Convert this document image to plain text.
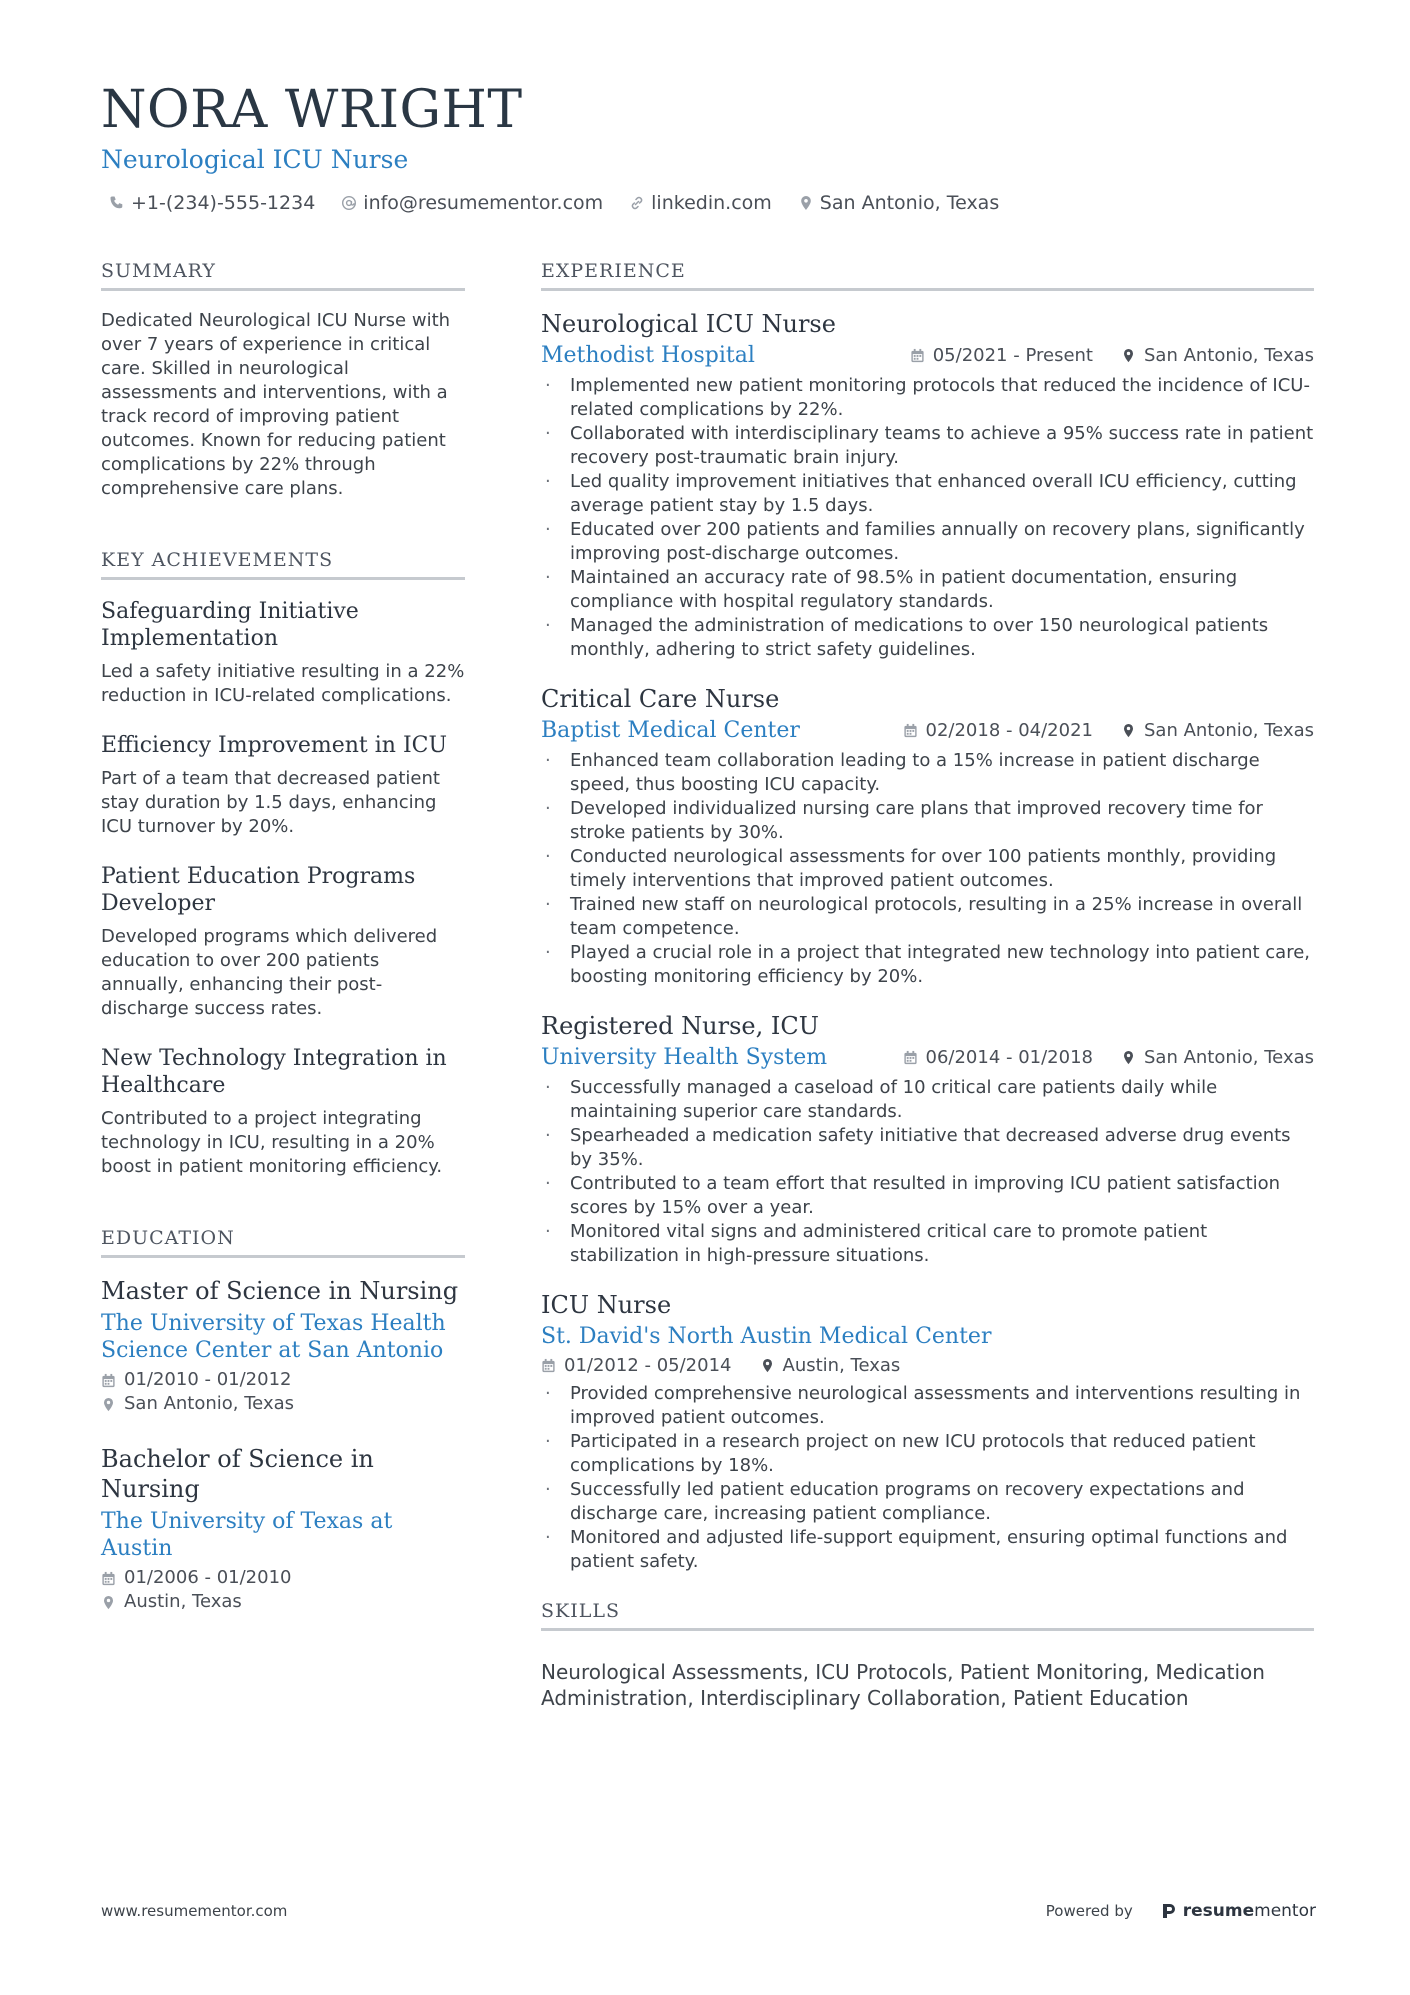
NORA WRIGHT
Neurological ICU Nurse
+1-(234)-555-1234	info@resumementor.com	linkedin.com	San Antonio, Texas
SUMMARY

Dedicated Neurological ICU Nurse with over 7 years of experience in critical care. Skilled in neurological assessments and interventions, with a track record of improving patient outcomes. Known for reducing patient complications by 22% through comprehensive care plans.

KEY ACHIEVEMENTS
Safeguarding Initiative Implementation
Led a safety initiative resulting in a 22% reduction in ICU-related complications.
Efficiency Improvement in ICU
Part of a team that decreased patient stay duration by 1.5 days, enhancing ICU turnover by 20%.
Patient Education Programs Developer
Developed programs which delivered education to over 200 patients annually, enhancing their post-discharge success rates.
New Technology Integration in Healthcare
Contributed to a project integrating technology in ICU, resulting in a 20% boost in patient monitoring efficiency.
EDUCATION
Master of Science in Nursing
The University of Texas Health Science Center at San Antonio
01/2010 - 01/2012
San Antonio, Texas
Bachelor of Science in Nursing
The University of Texas at Austin
01/2006 - 01/2010
Austin, Texas
EXPERIENCE
Neurological ICU Nurse
Methodist Hospital	05/2021 - Present	San Antonio, Texas
· Implemented new patient monitoring protocols that reduced the incidence of ICU-related complications by 22%.
· Collaborated with interdisciplinary teams to achieve a 95% success rate in patient recovery post-traumatic brain injury.
· Led quality improvement initiatives that enhanced overall ICU efficiency, cutting average patient stay by 1.5 days.
· Educated over 200 patients and families annually on recovery plans, significantly improving post-discharge outcomes.
· Maintained an accuracy rate of 98.5% in patient documentation, ensuring compliance with hospital regulatory standards.
· Managed the administration of medications to over 150 neurological patients monthly, adhering to strict safety guidelines.
Critical Care Nurse
Baptist Medical Center	02/2018 - 04/2021	San Antonio, Texas
· Enhanced team collaboration leading to a 15% increase in patient discharge speed, thus boosting ICU capacity.
· Developed individualized nursing care plans that improved recovery time for stroke patients by 30%.
· Conducted neurological assessments for over 100 patients monthly, providing timely interventions that improved patient outcomes.
· Trained new staff on neurological protocols, resulting in a 25% increase in overall team competence.
· Played a crucial role in a project that integrated new technology into patient care, boosting monitoring efficiency by 20%.
Registered Nurse, ICU
University Health System	06/2014 - 01/2018	San Antonio, Texas
· Successfully managed a caseload of 10 critical care patients daily while maintaining superior care standards.
· Spearheaded a medication safety initiative that decreased adverse drug events by 35%.
· Contributed to a team effort that resulted in improving ICU patient satisfaction scores by 15% over a year.
· Monitored vital signs and administered critical care to promote patient stabilization in high-pressure situations.
ICU Nurse
St. David's North Austin Medical Center
01/2012 - 05/2014	Austin, Texas
· Provided comprehensive neurological assessments and interventions resulting in improved patient outcomes.
· Participated in a research project on new ICU protocols that reduced patient complications by 18%.
· Successfully led patient education programs on recovery expectations and discharge care, increasing patient compliance.
· Monitored and adjusted life-support equipment, ensuring optimal functions and patient safety.
SKILLS
Neurological Assessments, ICU Protocols, Patient Monitoring, Medication Administration, Interdisciplinary Collaboration, Patient Education
www.resumementor.com	Powered by	resumementor
